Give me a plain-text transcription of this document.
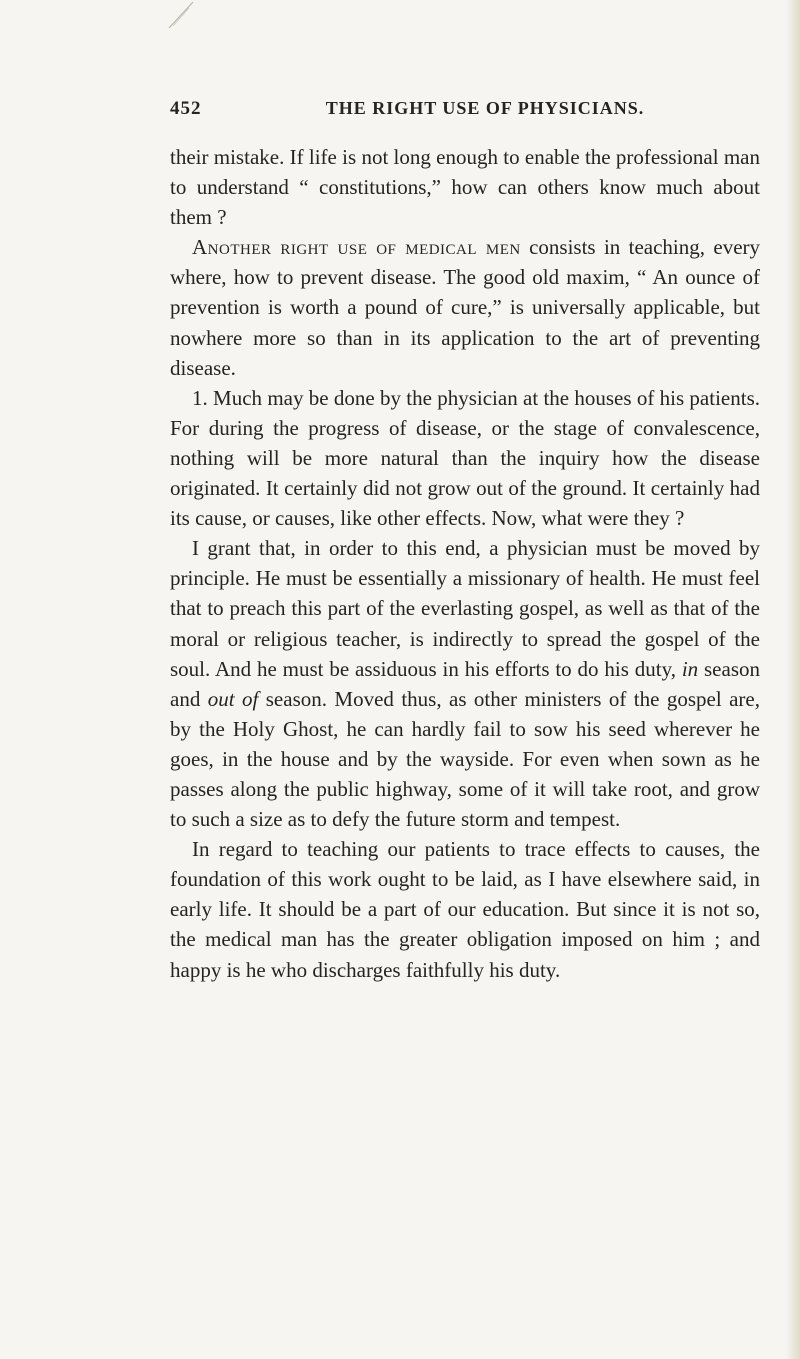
452	THE RIGHT USE OF PHYSICIANS.

their mistake. If life is not long enough to enable the professional man to understand “ constitutions,” how can others know much about them ?

Another right use of medical men consists in teaching, every where, how to prevent disease. The good old maxim, “ An ounce of prevention is worth a pound of cure,” is universally applicable, but nowhere more so than in its application to the art of preventing disease.

1. Much may be done by the physician at the houses of his patients. For during the progress of disease, or the stage of convalescence, nothing will be more natural than the inquiry how the disease originated. It certainly did not grow out of the ground. It certainly had its cause, or causes, like other effects. Now, what were they ?

I grant that, in order to this end, a physician must be moved by principle. He must be essentially a missionary of health. He must feel that to preach this part of the everlasting gospel, as well as that of the moral or religious teacher, is indirectly to spread the gospel of the soul. And he must be assiduous in his efforts to do his duty, in season and out of season. Moved thus, as other ministers of the gospel are, by the Holy Ghost, he can hardly fail to sow his seed wherever he goes, in the house and by the wayside. For even when sown as he passes along the public highway, some of it will take root, and grow to such a size as to defy the future storm and tempest.

In regard to teaching our patients to trace effects to causes, the foundation of this work ought to be laid, as I have elsewhere said, in early life. It should be a part of our education. But since it is not so, the medical man has the greater obligation imposed on him ; and happy is he who discharges faithfully his duty.
